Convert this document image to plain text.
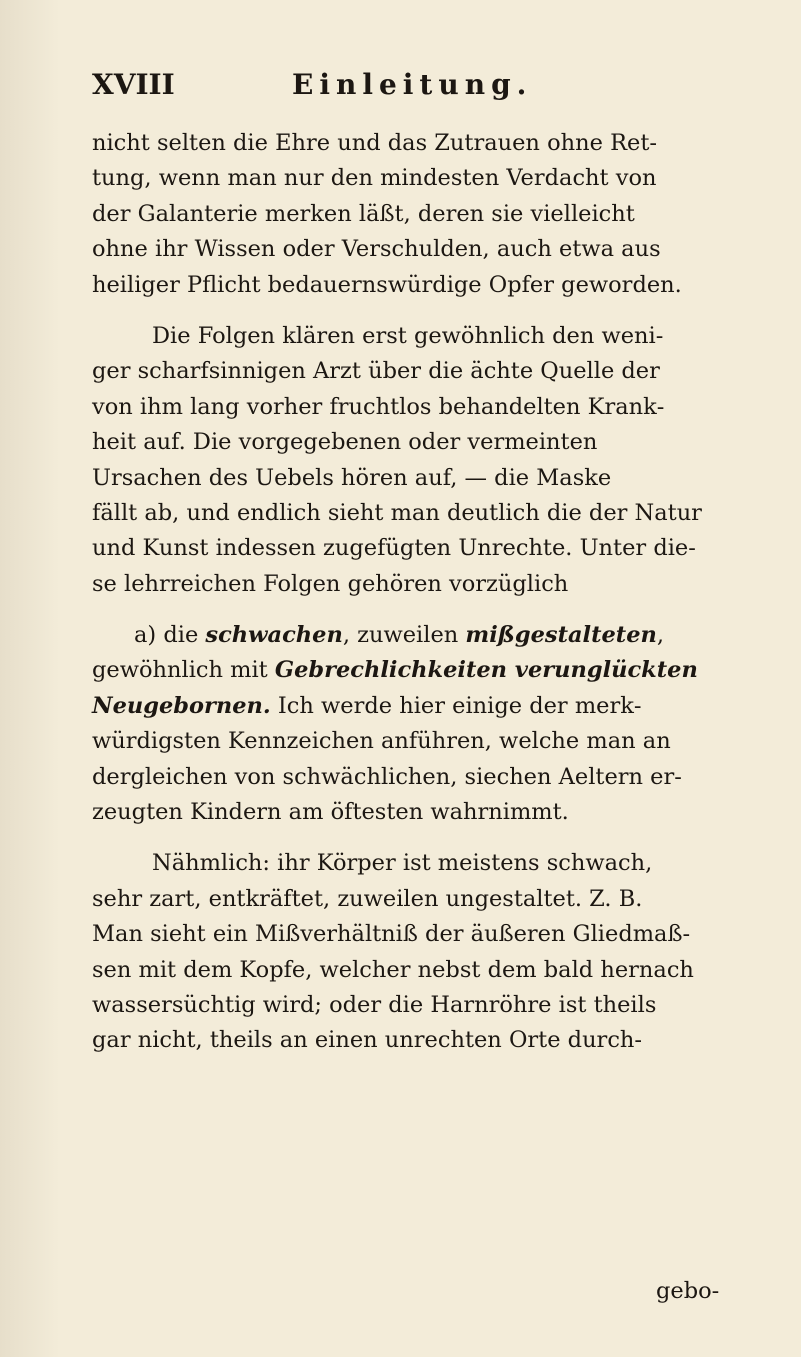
XVIII	Einleitung.
nicht selten die Ehre und das Zutrauen ohne Ret‐
tung, wenn man nur den mindesten Verdacht von
der Galanterie merken läßt, deren sie vielleicht
ohne ihr Wissen oder Verschulden, auch etwa aus
heiliger Pflicht bedauernswürdige Opfer geworden.
Die Folgen klären erst gewöhnlich den weni‐
ger scharfsinnigen Arzt über die ächte Quelle der
von ihm lang vorher fruchtlos behandelten Krank‐
heit auf. Die vorgegebenen oder vermeinten
Ursachen des Uebels hören auf, — die Maske
fällt ab, und endlich sieht man deutlich die der Natur
und Kunst indessen zugefügten Unrechte. Unter die‐
se lehrreichen Folgen gehören vorzüglich
a) die schwachen, zuweilen mißgestalteten,
gewöhnlich mit Gebrechlichkeiten verunglückten
Neugebornen. Ich werde hier einige der merk‐
würdigsten Kennzeichen anführen, welche man an
dergleichen von schwächlichen, siechen Aeltern er‐
zeugten Kindern am öftesten wahrnimmt.
Nähmlich: ihr Körper ist meistens schwach,
sehr zart, entkräftet, zuweilen ungestaltet. Z. B.
Man sieht ein Mißverhältniß der äußeren Gliedmaß‐
sen mit dem Kopfe, welcher nebst dem bald hernach
wassersüchtig wird; oder die Harnröhre ist theils
gar nicht, theils an einen unrechten Orte durch‐
gebo‐
